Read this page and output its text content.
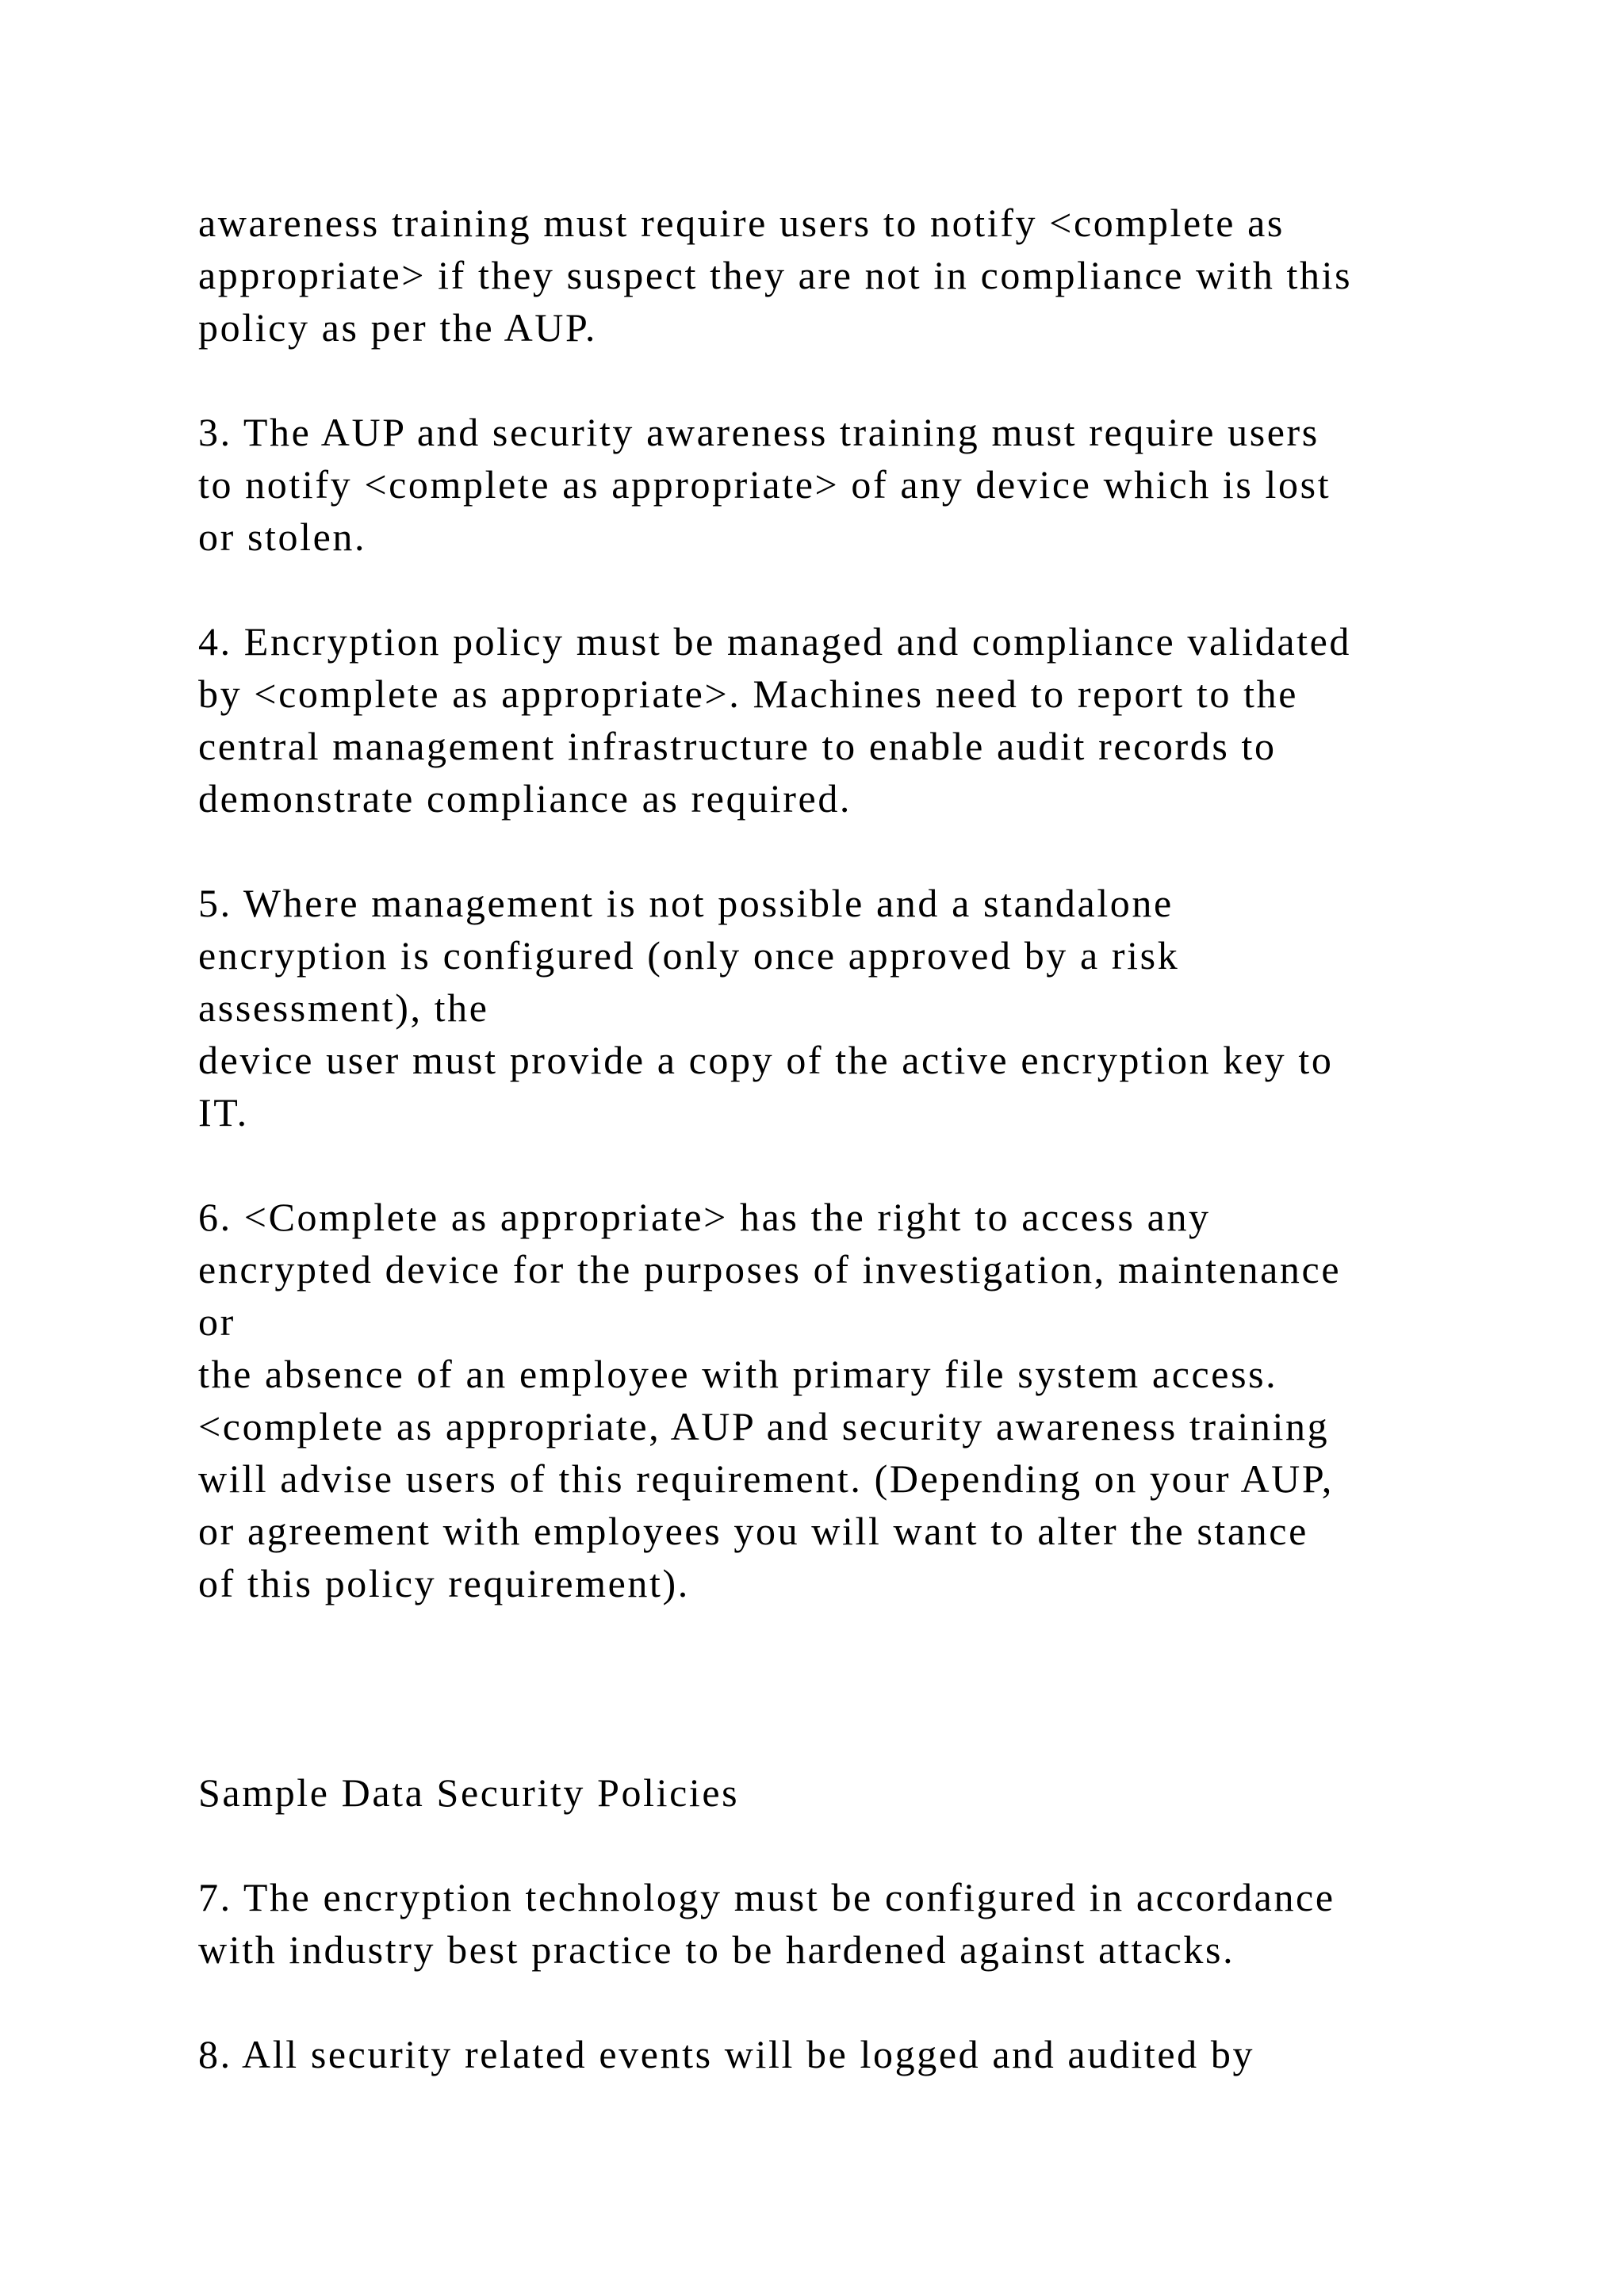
awareness training must require users to notify <complete as
appropriate> if they suspect they are not in compliance with this
policy as per the AUP.
3. The AUP and security awareness training must require users
to notify <complete as appropriate> of any device which is lost
or stolen.
4. Encryption policy must be managed and compliance validated
by <complete as appropriate>. Machines need to report to the
central management infrastructure to enable audit records to
demonstrate compliance as required.
5. Where management is not possible and a standalone
encryption is configured (only once approved by a risk
assessment), the
device user must provide a copy of the active encryption key to
IT.
6. <Complete as appropriate> has the right to access any
encrypted device for the purposes of investigation, maintenance
or
the absence of an employee with primary file system access.
<complete as appropriate, AUP and security awareness training
will advise users of this requirement. (Depending on your AUP,
or agreement with employees you will want to alter the stance
of this policy requirement).
Sample Data Security Policies
7. The encryption technology must be configured in accordance
with industry best practice to be hardened against attacks.
8. All security related events will be logged and audited by
